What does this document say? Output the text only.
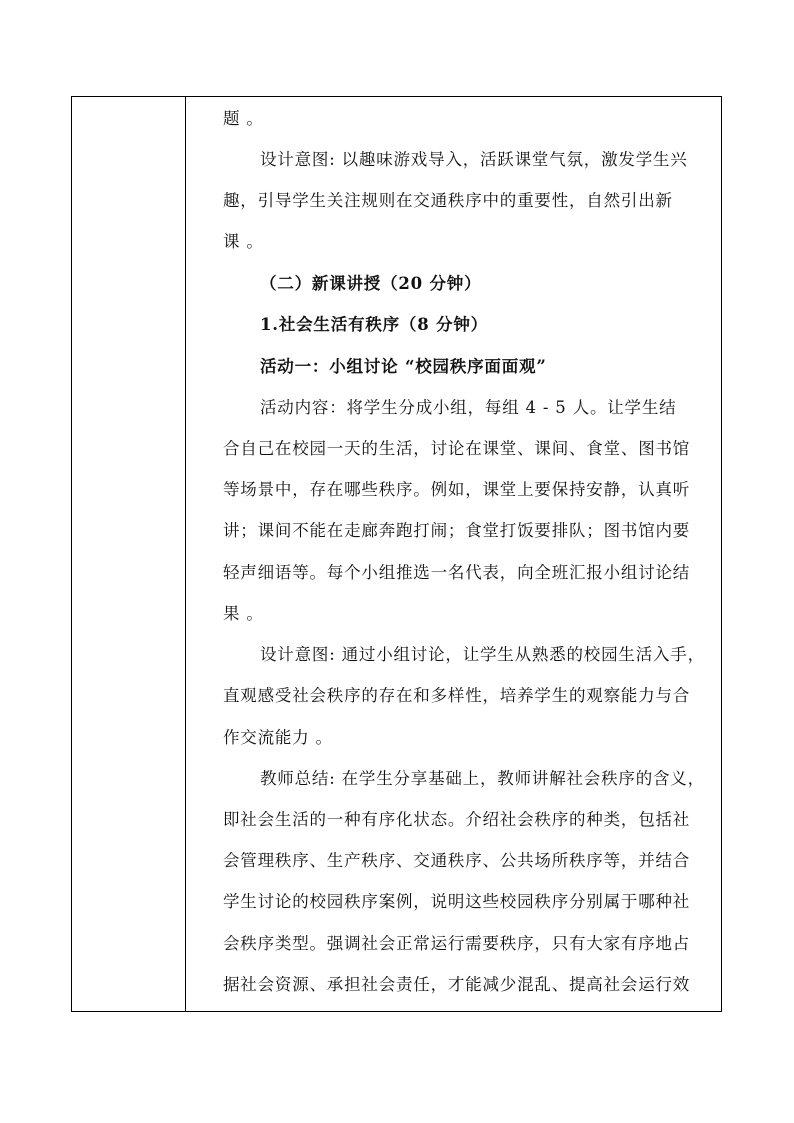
题 。
设计意图: 以趣味游戏导入，活跃课堂气氛，激发学生兴
趣，引导学生关注规则在交通秩序中的重要性，自然引出新
课 。
（二）新课讲授（20 分钟）
1.社会生活有秩序（8 分钟）
活动一：小组讨论 “校园秩序面面观”
活动内容：将学生分成小组，每组 4 - 5 人。让学生结
合自己在校园一天的生活，讨论在课堂、课间、食堂、图书馆
等场景中，存在哪些秩序。例如，课堂上要保持安静，认真听
讲；课间不能在走廊奔跑打闹；食堂打饭要排队；图书馆内要
轻声细语等。每个小组推选一名代表，向全班汇报小组讨论结
果 。
设计意图: 通过小组讨论，让学生从熟悉的校园生活入手，
直观感受社会秩序的存在和多样性，培养学生的观察能力与合
作交流能力 。
教师总结: 在学生分享基础上，教师讲解社会秩序的含义，
即社会生活的一种有序化状态。介绍社会秩序的种类，包括社
会管理秩序、生产秩序、交通秩序、公共场所秩序等，并结合
学生讨论的校园秩序案例，说明这些校园秩序分别属于哪种社
会秩序类型。强调社会正常运行需要秩序，只有大家有序地占
据社会资源、承担社会责任，才能减少混乱、提高社会运行效
